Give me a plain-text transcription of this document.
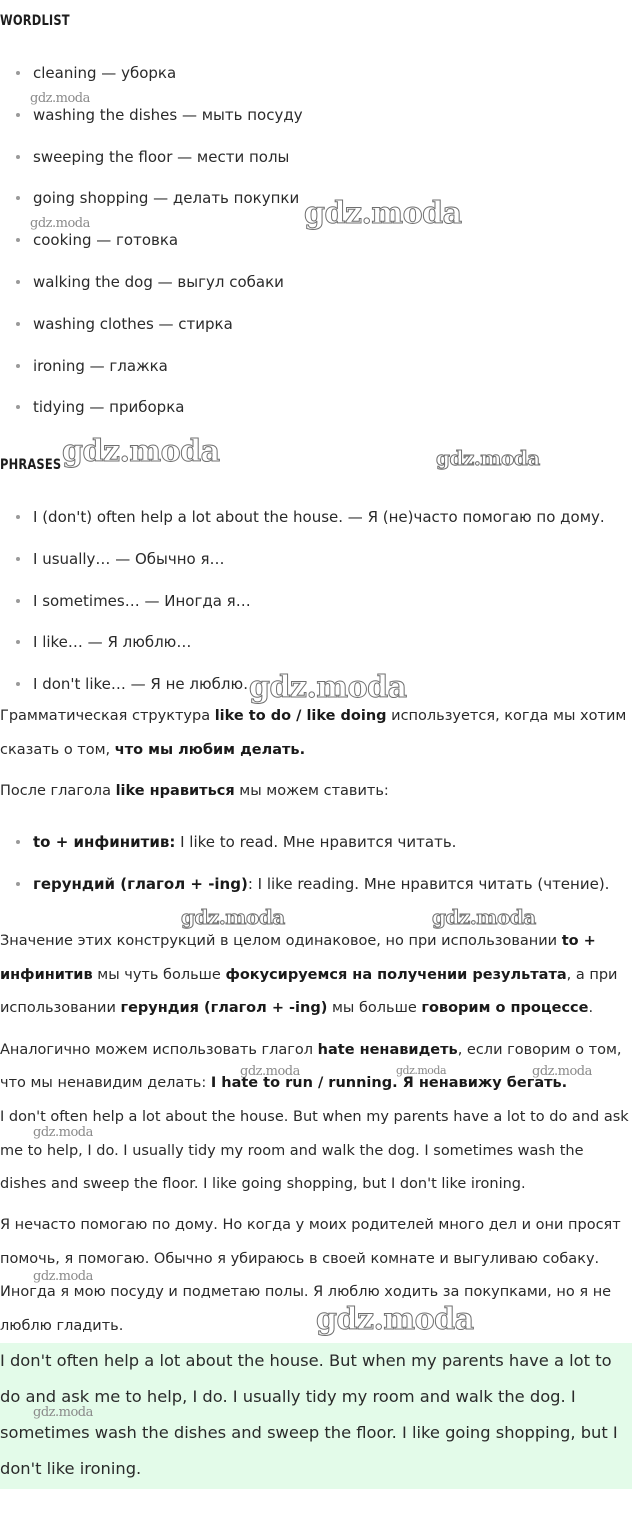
WORDLIST
cleaning — уборка
washing the dishes — мыть посуду
sweeping the floor — мести полы
going shopping — делать покупки
cooking — готовка
walking the dog — выгул собаки
washing clothes — стирка
ironing — глажка
tidying — приборка
PHRASES
I (don't) often help a lot about the house. — Я (не)часто помогаю по дому.
I usually… — Обычно я…
I sometimes… — Иногда я…
I like… — Я люблю…
I don't like… — Я не люблю…

Грамматическая структура like to do / like doing используется, когда мы хотим сказать о том, что мы любим делать.

После глагола like нравиться мы можем ставить:

to + инфинитив: I like to read. Мне нравится читать.
герундий (глагол + -ing): I like reading. Мне нравится читать (чтение).

Значение этих конструкций в целом одинаковое, но при использовании to + инфинитив мы чуть больше фокусируемся на получении результата, а при использовании герундия (глагол + -ing) мы больше говорим о процессе.

Аналогично можем использовать глагол hate ненавидеть, если говорим о том, что мы ненавидим делать: I hate to run / running. Я ненавижу бегать.

I don't often help a lot about the house. But when my parents have a lot to do and ask me to help, I do. I usually tidy my room and walk the dog. I sometimes wash the dishes and sweep the floor. I like going shopping, but I don't like ironing.

Я нечасто помогаю по дому. Но когда у моих родителей много дел и они просят помочь, я помогаю. Обычно я убираюсь в своей комнате и выгуливаю собаку. Иногда я мою посуду и подметаю полы. Я люблю ходить за покупками, но я не люблю гладить.

I don't often help a lot about the house. But when my parents have a lot to do and ask me to help, I do. I usually tidy my room and walk the dog. I sometimes wash the dishes and sweep the floor. I like going shopping, but I don't like ironing.

gdz.moda
gdz.moda
gdz.moda
gdz.moda	gdz.moda
gdz.moda
gdz.moda	gdz.moda
gdz.moda	gdz.moda	gdz.moda
gdz.moda
gdz.moda
gdz.moda
gdz.moda
